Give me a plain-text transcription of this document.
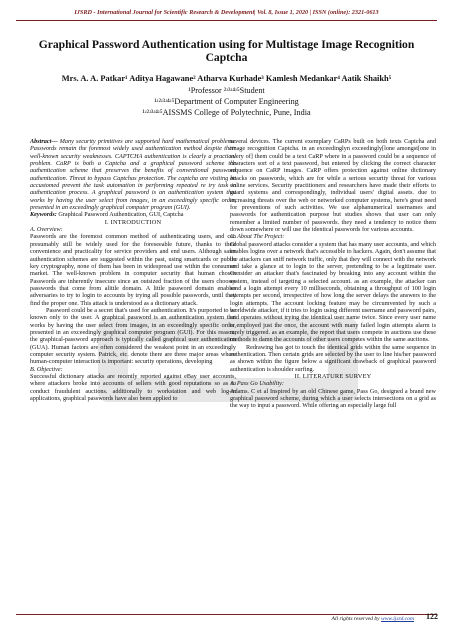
IJSRD - International Journal for Scientific Research & Development| Vol. 8, Issue 1, 2020 | ISSN (online): 2321-0613
Graphical Password Authentication using for Multistage Image Recognition Captcha
Mrs. A. A. Patkar¹ Aditya Hagawane² Atharva Kurhade³ Kamlesh Medankar⁴ Aatik Shaikh⁵
¹Professor ²ʴ³ʴ⁴ʴ⁵Student
¹ʴ²ʴ³ʴ⁴ʴ⁵Department of Computer Engineering
¹ʴ²ʴ³ʴ⁴ʴ⁵AISSMS College of Polytechnic, Pune, India

Abstract— Many security primitives are supported hard mathematical problems. Passwords remain the foremost widely used authentication method despite their well-known security weaknesses. CAPTCHA authentication is clearly a practical problem. CaRP is both a Captcha and a graphical password scheme the authentication scheme that preserves the benefits of conventional password authentication. Threat to bypass Captchas protection. The captcha are visiting be accustomed prevent the task automation in performing repeated re try task in authentication process. A graphical password is an authentication system that works by having the user select from images, in an exceedingly specific order, presented in an exceedingly graphical computer program (GUI).

Keywords: Graphical Password Authentication, GUI, Captcha

I. INTRODUCTION

A. Overview:

Passwords are the foremost common method of authenticating users, and can presumably still be widely used for the foreseeable future, thanks to their convenience and practicality for service providers and end users. Although safer authentication schemes are suggested within the past, using smartcards or public key cryptography, none of them has been in widespread use within the consumer market. The well-known problem in computer security that human chosen Passwords are inherently insecure since an outsized fraction of the users chooses passwords that come from alittle domain. A little password domain enables adversaries to try to login to accounts by trying all possible passwords, until they find the proper one. This attack is understood as a dictionary attack.

Password could be a secret that's used for authentication. It's purported to be known only to the user. A graphical password is an authentication system that works by having the user select from images, in an exceedingly specific order, presented in an exceedingly graphical computer program (GUI). For this reason, the graphical-password approach is typically called graphical user authentication (GUA). Human factors are often considered the weakest point in an exceedingly computer security system. Patrick, etc. denote there are three major areas where human-computer interaction is important: security operations, developing

B. Objective:

Successful dictionary attacks are recently reported against eBay user accounts, where attackers broke into accounts of sellers with good reputations so as to conduct fraudulent auctions. additionally to workstation and web log-in applications, graphical passwords have also been applied to

several devices. The current exemplary CaRPs built on both texts Captcha and image recognition Captcha. in an exceedinglyn exceedingly[lone amongst[one in every of] them could be a text CaRP where in a password could be a sequence of characters sort of a text password, but entered by clicking the correct character sequence on CaRP images. CaRP offers protection against online dictionary attacks on passwords, which are for while a serious security threat for various online services. Security practitioners and researchers have made their efforts to guard systems and correspondingly, individual users' digital assets. due to increasing threats over the web or networked computer systems, here's great need for preventions of such activities. We use alphanumerical usernames and passwords for authentication purpose but studies shows that user can only remember a limited number of passwords. they need a tendency to notice them down somewhere or will use the identical passwords for various accounts.

C. About The Project:

Global password attacks consider a system that has many user accounts, and which enables logins over a network that's accessible to hackers. Again, don't assume that the attackers can sniff network traffic, only that they will connect with the network and take a glance at to login to the server, pretending to be a legitimate user. Consider an attacker that's fascinated by breaking into any account within the system, instead of targeting a selected account. as an example, the attacker can send a login attempt every 10 milliseconds, obtaining a throughput of 100 login attempts per second, irrespective of how long the server delays the answers to the login attempts. The account locking feature may be circumvented by such a worldwide attacker, if it tries to login using different username and password pairs, and operates without trying the identical user name twice. Since every user name is employed just the once, the account with many failed login attempts alarm is rarely triggered. as an example, the report that users compete in auctions use these methods to damn the accounts of other users competes within the same auctions.

Redrawing has got to touch the identical grids within the same sequence in authentication. Then certain grids are selected by the user to line his/her password as shown within the figure below a significant drawback of graphical password authentication is shoulder surfing.

II. LITERATURE SURVEY

A. Pass Go Usability:

Adams. C et al Inspired by an old Chinese game, Pass Go, designed a brand new graphical password scheme, during which a user selects intersections on a grid as the way to input a password. While offering an especially large full

All rights reserved by www.ijsrd.com	122
